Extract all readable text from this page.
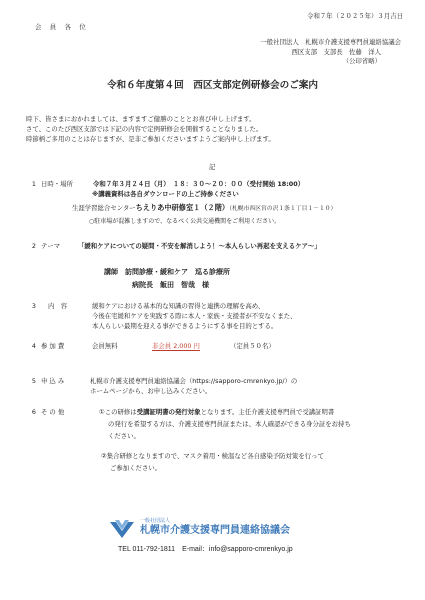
令和７年（２０２５年）３月吉日
会　員　各　位
一般社団法人　札幌市介護支援専門員連絡協議会
西区支部　支部長　佐藤　洋人
（公印省略）
令和６年度第４回　西区支部定例研修会のご案内
時下、皆さまにおかれましては、ますますご健勝のこととお喜び申し上げます。
さて、このたび西区支部では下記の内容で定例研修会を開催することなりました。
時節柄ご多用のことは存じますが、是非ご参加くださいますようご案内申し上げます。
記
1 日時・場所	令和７年３月２４日（月）　１８：３０～２０：００（受付開始 18:00）
※講義資料は各自ダウンロードの上ご持参ください
生涯学習総合センターちえりあ中研修室１（２階）（札幌市西区宮の沢１条１丁目１－１０）
○駐車場が混雑しますので、なるべく公共交通機関をご利用ください。
2 テーマ	「緩和ケアについての疑問・不安を解消しよう！～本人らしい再起を支えるケア～」
講師　訪問診療・緩和ケア　巡る診療所
病院長　飯田　智哉　様
3 内　容	緩和ケアにおける基本的な知識の習得と連携の理解を高め、
今後在宅緩和ケアを実践する際に本人・家族・支援者が不安なくまた、
本人らしい最期を迎える事ができるようにする事を目的とする。
4 参 加 費	会員無料	非会員 2,000 円	（定員５０名）
5 申 込 み	札幌市介護支援専門員連絡協議会（https://sapporo-cmrenkyo.jp/）の
ホームページから、お申し込みください。
6 そ の 他	①この研修は受講証明書の発行対象となります。主任介護支援専門員で受講証明書
の発行を希望する方は、介護支援専門員証または、本人確認ができる身分証をお持ち
ください。
②集合研修となりますので、マスク着用・検温など各自感染予防対策を行って
ご参加ください。
一般社団法人
札幌市介護支援専門員連絡協議会
TEL 011-792-1811　E-mail：info@sapporo-cmrenkyo.jp
